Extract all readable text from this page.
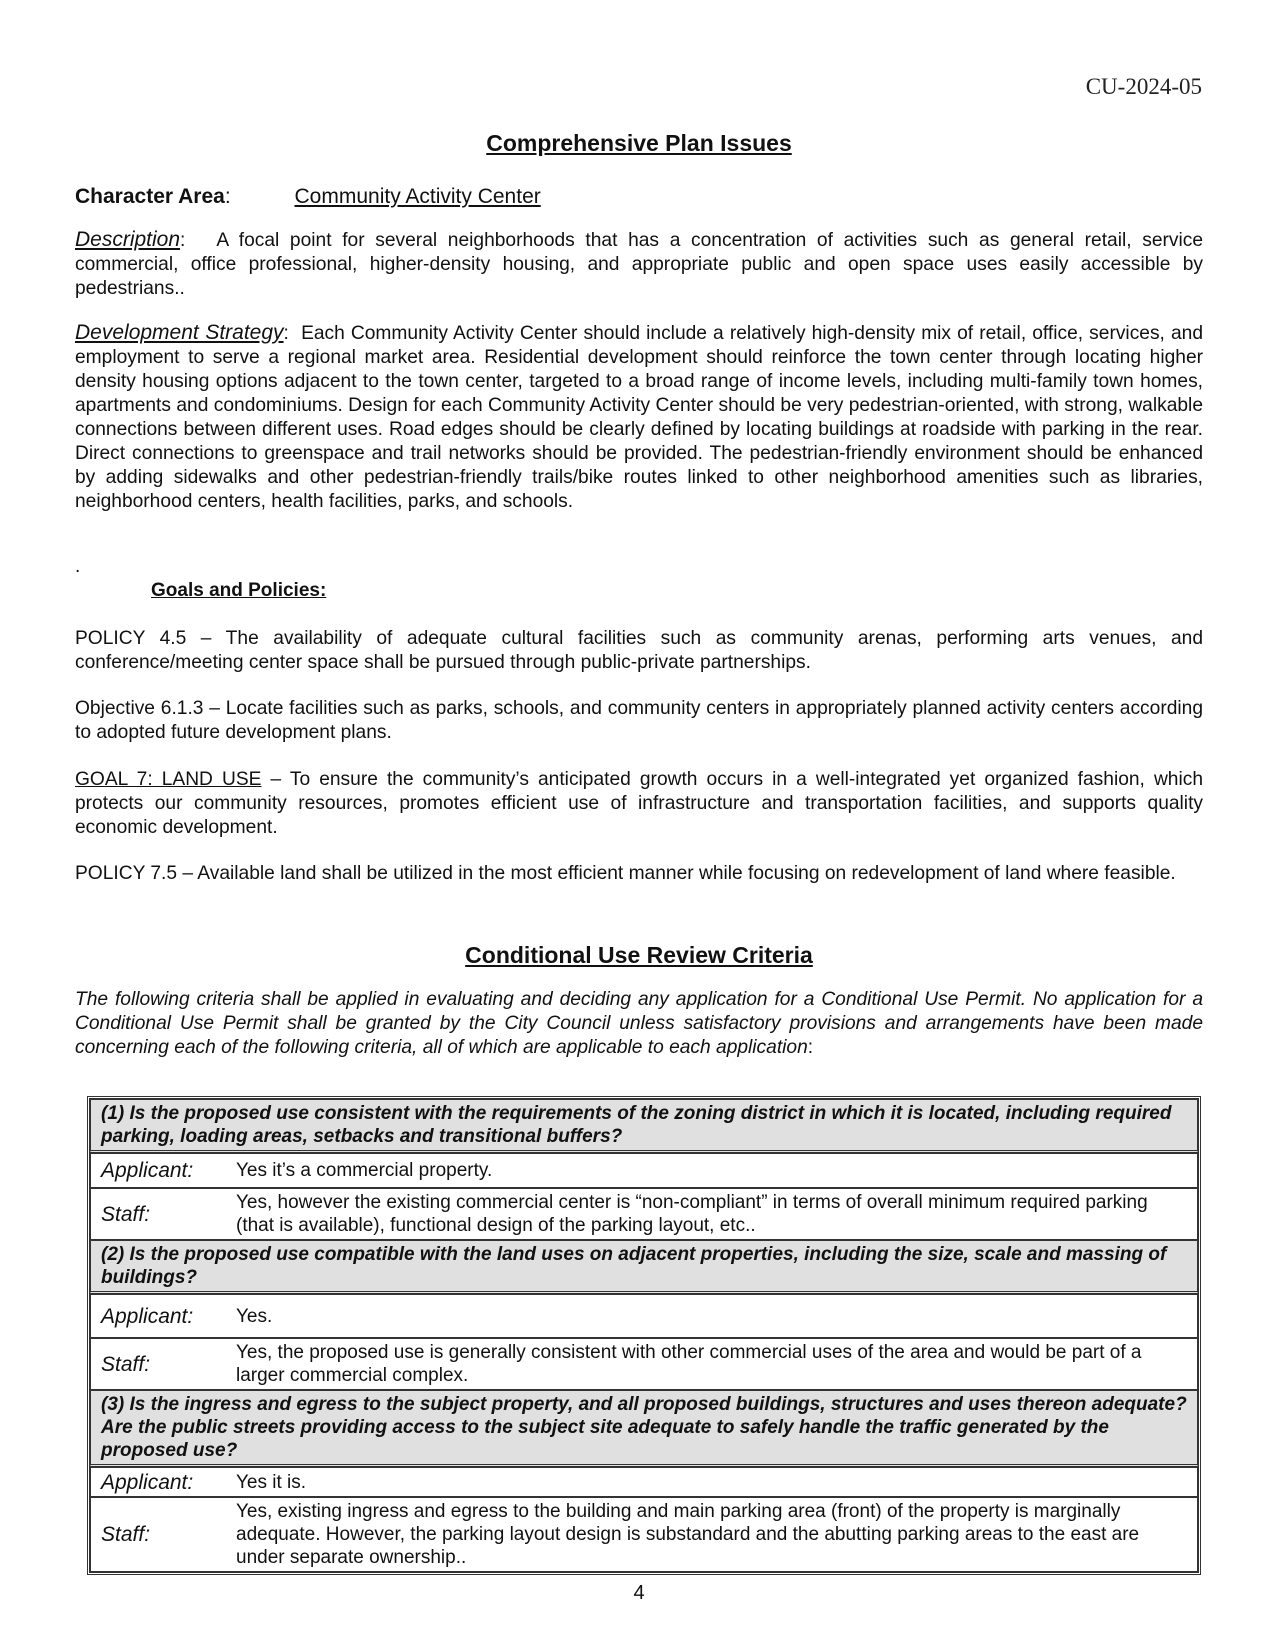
CU-2024-05
Comprehensive Plan Issues
Character Area:	Community Activity Center

Description:   A focal point for several neighborhoods that has a concentration of activities such as general retail, service commercial, office professional, higher-density housing, and appropriate public and open space uses easily accessible by pedestrians..

Development Strategy:  Each Community Activity Center should include a relatively high-density mix of retail, office, services, and employment to serve a regional market area. Residential development should reinforce the town center through locating higher density housing options adjacent to the town center, targeted to a broad range of income levels, including multi-family town homes, apartments and condominiums. Design for each Community Activity Center should be very pedestrian-oriented, with strong, walkable connections between different uses. Road edges should be clearly defined by locating buildings at roadside with parking in the rear. Direct connections to greenspace and trail networks should be provided. The pedestrian-friendly environment should be enhanced by adding sidewalks and other pedestrian-friendly trails/bike routes linked to other neighborhood amenities such as libraries, neighborhood centers, health facilities, parks, and schools.

.
Goals and Policies:

POLICY 4.5 – The availability of adequate cultural facilities such as community arenas, performing arts venues, and conference/meeting center space shall be pursued through public-private partnerships.

Objective 6.1.3 – Locate facilities such as parks, schools, and community centers in appropriately planned activity centers according to adopted future development plans.

GOAL 7: LAND USE – To ensure the community’s anticipated growth occurs in a well-integrated yet organized fashion, which protects our community resources, promotes efficient use of infrastructure and transportation facilities, and supports quality economic development.

POLICY 7.5 – Available land shall be utilized in the most efficient manner while focusing on redevelopment of land where feasible.

Conditional Use Review Criteria

The following criteria shall be applied in evaluating and deciding any application for a Conditional Use Permit. No application for a Conditional Use Permit shall be granted by the City Council unless satisfactory provisions and arrangements have been made concerning each of the following criteria, all of which are applicable to each application:

(1) Is the proposed use consistent with the requirements of the zoning district in which it is located, including required parking, loading areas, setbacks and transitional buffers?	
Applicant:	Yes it’s a commercial property.
Staff:	Yes, however the existing commercial center is “non-compliant” in terms of overall minimum required parking (that is available), functional design of the parking layout, etc..
(2) Is the proposed use compatible with the land uses on adjacent properties, including the size, scale and massing of buildings?	
Applicant:	Yes.
Staff:	Yes, the proposed use is generally consistent with other commercial uses of the area and would be part of a larger commercial complex.
(3) Is the ingress and egress to the subject property, and all proposed buildings, structures and uses thereon adequate? Are the public streets providing access to the subject site adequate to safely handle the traffic generated by the proposed use?	
Applicant:	Yes it is.
Staff:	Yes, existing ingress and egress to the building and main parking area (front) of the property is marginally adequate. However, the parking layout design is substandard and the abutting parking areas to the east are under separate ownership..
4
